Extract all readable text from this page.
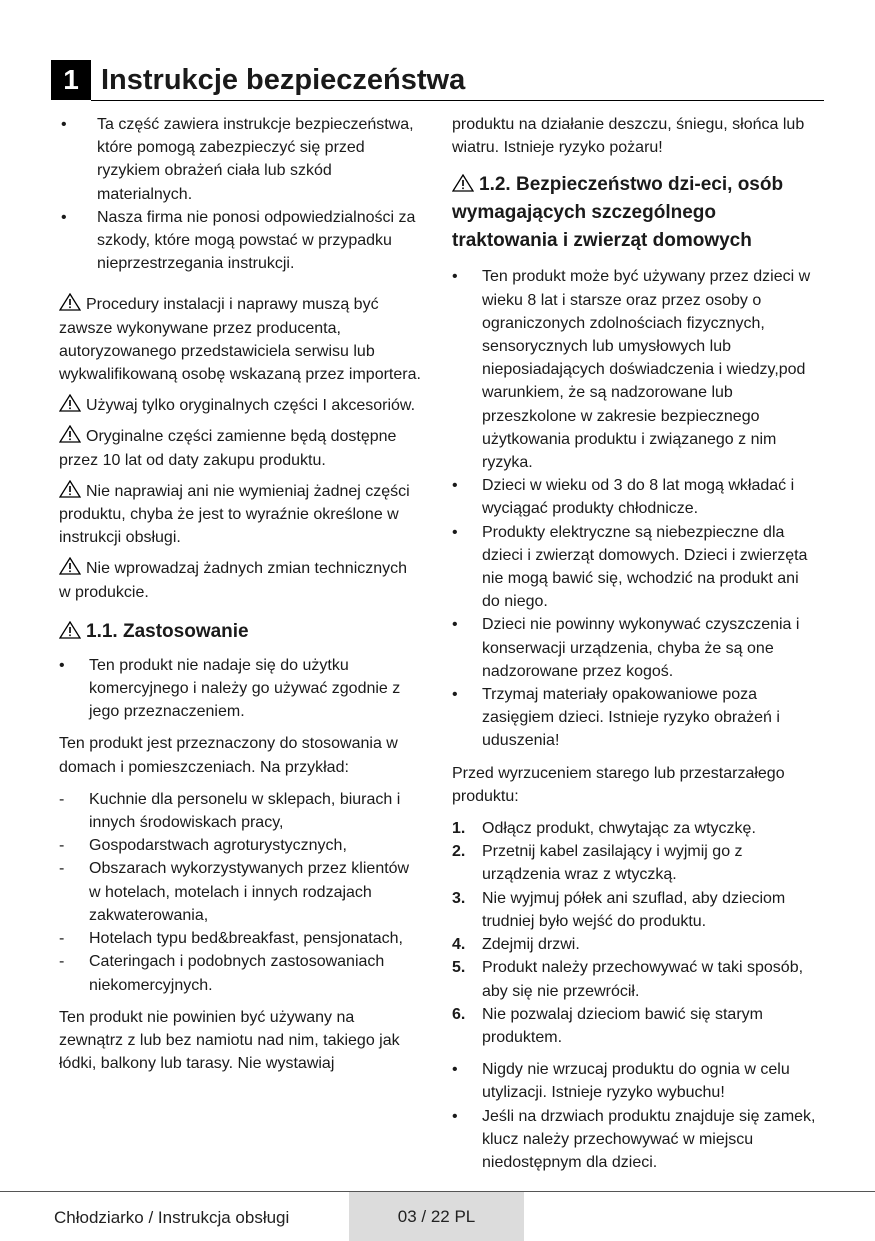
1 Instrukcje bezpieczeństwa
• Ta część zawiera instrukcje bezpieczeństwa, które pomogą zabezpieczyć się przed ryzykiem obrażeń ciała lub szkód materialnych.
• Nasza firma nie ponosi odpowiedzialności za szkody, które mogą powstać w przypadku nieprzestrzegania instrukcji.

Procedury instalacji i naprawy muszą być zawsze wykonywane przez producenta, autoryzowanego przedstawiciela serwisu lub wykwalifikowaną osobę wskazaną przez importera.

Używaj tylko oryginalnych części I akcesoriów.

Oryginalne części zamienne będą dostępne przez 10 lat od daty zakupu produktu.

Nie naprawiaj ani nie wymieniaj żadnej części produktu, chyba że jest to wyraźnie określone w instrukcji obsługi.

Nie wprowadzaj żadnych zmian technicznych w produkcie.

1.1. Zastosowanie
• Ten produkt nie nadaje się do użytku komercyjnego i należy go używać zgodnie z jego przeznaczeniem.

Ten produkt jest przeznaczony do stosowania w domach i pomieszczeniach. Na przykład:

- Kuchnie dla personelu w sklepach, biurach i innych środowiskach pracy,
- Gospodarstwach agroturystycznych,
- Obszarach wykorzystywanych przez klientów w hotelach, motelach i innych rodzajach zakwaterowania,
- Hotelach typu bed&breakfast, pensjonatach,
- Cateringach i podobnych zastosowaniach niekomercyjnych.

Ten produkt nie powinien być używany na zewnątrz z lub bez namiotu nad nim, takiego jak łódki, balkony lub tarasy. Nie wystawiaj

produktu na działanie deszczu, śniegu, słońca lub wiatru. Istnieje ryzyko pożaru!

1.2. Bezpieczeństwo dzi-eci, osób wymagających szczególnego traktowania i zwierząt domowych
• Ten produkt może być używany przez dzieci w wieku 8 lat i starsze oraz przez osoby o ograniczonych zdolnościach fizycznych, sensorycznych lub umysłowych lub nieposiadających doświadczenia i wiedzy,pod warunkiem, że są nadzorowane lub przeszkolone w zakresie bezpiecznego użytkowania produktu i związanego z nim ryzyka.
• Dzieci w wieku od 3 do 8 lat mogą wkładać i wyciągać produkty chłodnicze.
• Produkty elektryczne są niebezpieczne dla dzieci i zwierząt domowych. Dzieci i zwierzęta nie mogą bawić się, wchodzić na produkt ani do niego.
• Dzieci nie powinny wykonywać czyszczenia i konserwacji urządzenia, chyba że są one nadzorowane przez kogoś.
• Trzymaj materiały opakowaniowe poza zasięgiem dzieci. Istnieje ryzyko obrażeń i uduszenia!

Przed wyrzuceniem starego lub przestarzałego produktu:

1. Odłącz produkt, chwytając za wtyczkę.
2. Przetnij kabel zasilający i wyjmij go z urządzenia wraz z wtyczką.
3. Nie wyjmuj półek ani szuflad, aby dzieciom trudniej było wejść do produktu.
4. Zdejmij drzwi.
5. Produkt należy przechowywać w taki sposób, aby się nie przewrócił.
6. Nie pozwalaj dzieciom bawić się starym produktem.
• Nigdy nie wrzucaj produktu do ognia w celu utylizacji. Istnieje ryzyko wybuchu!
• Jeśli na drzwiach produktu znajduje się zamek, klucz należy przechowywać w miejscu niedostępnym dla dzieci.
Chłodziarko / Instrukcja obsługi	03 / 22 PL
